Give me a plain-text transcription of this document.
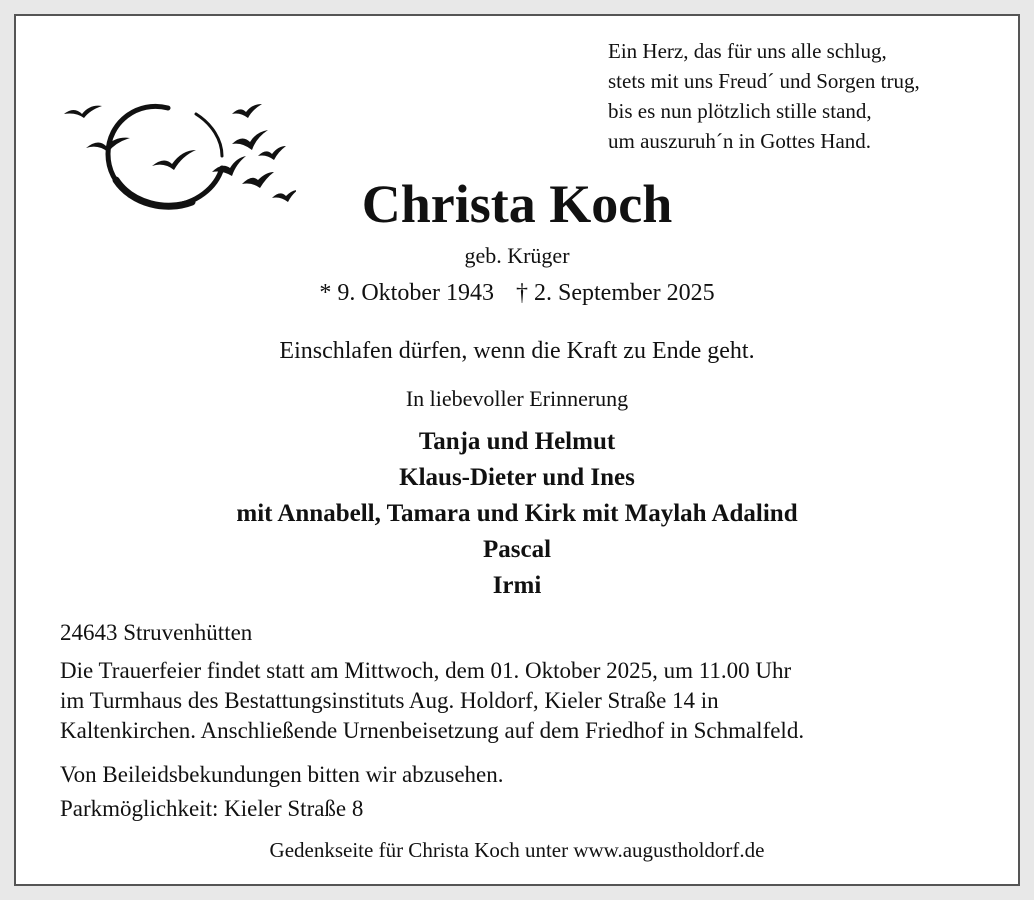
Ein Herz, das für uns alle schlug,
stets mit uns Freud´ und Sorgen trug,
bis es nun plötzlich stille stand,
um auszuruh´n in Gottes Hand.
Christa Koch
geb. Krüger
* 9. Oktober 1943 † 2. September 2025
Einschlafen dürfen, wenn die Kraft zu Ende geht.
In liebevoller Erinnerung
Tanja und Helmut
Klaus-Dieter und Ines
mit Annabell, Tamara und Kirk mit Maylah Adalind
Pascal
Irmi
24643 Struvenhütten
Die Trauerfeier findet statt am Mittwoch, dem 01. Oktober 2025, um 11.00 Uhr
im Turmhaus des Bestattungsinstituts Aug. Holdorf, Kieler Straße 14 in
Kaltenkirchen. Anschließende Urnenbeisetzung auf dem Friedhof in Schmalfeld.
Von Beileidsbekundungen bitten wir abzusehen.
Parkmöglichkeit: Kieler Straße 8
Gedenkseite für Christa Koch unter www.augustholdorf.de
